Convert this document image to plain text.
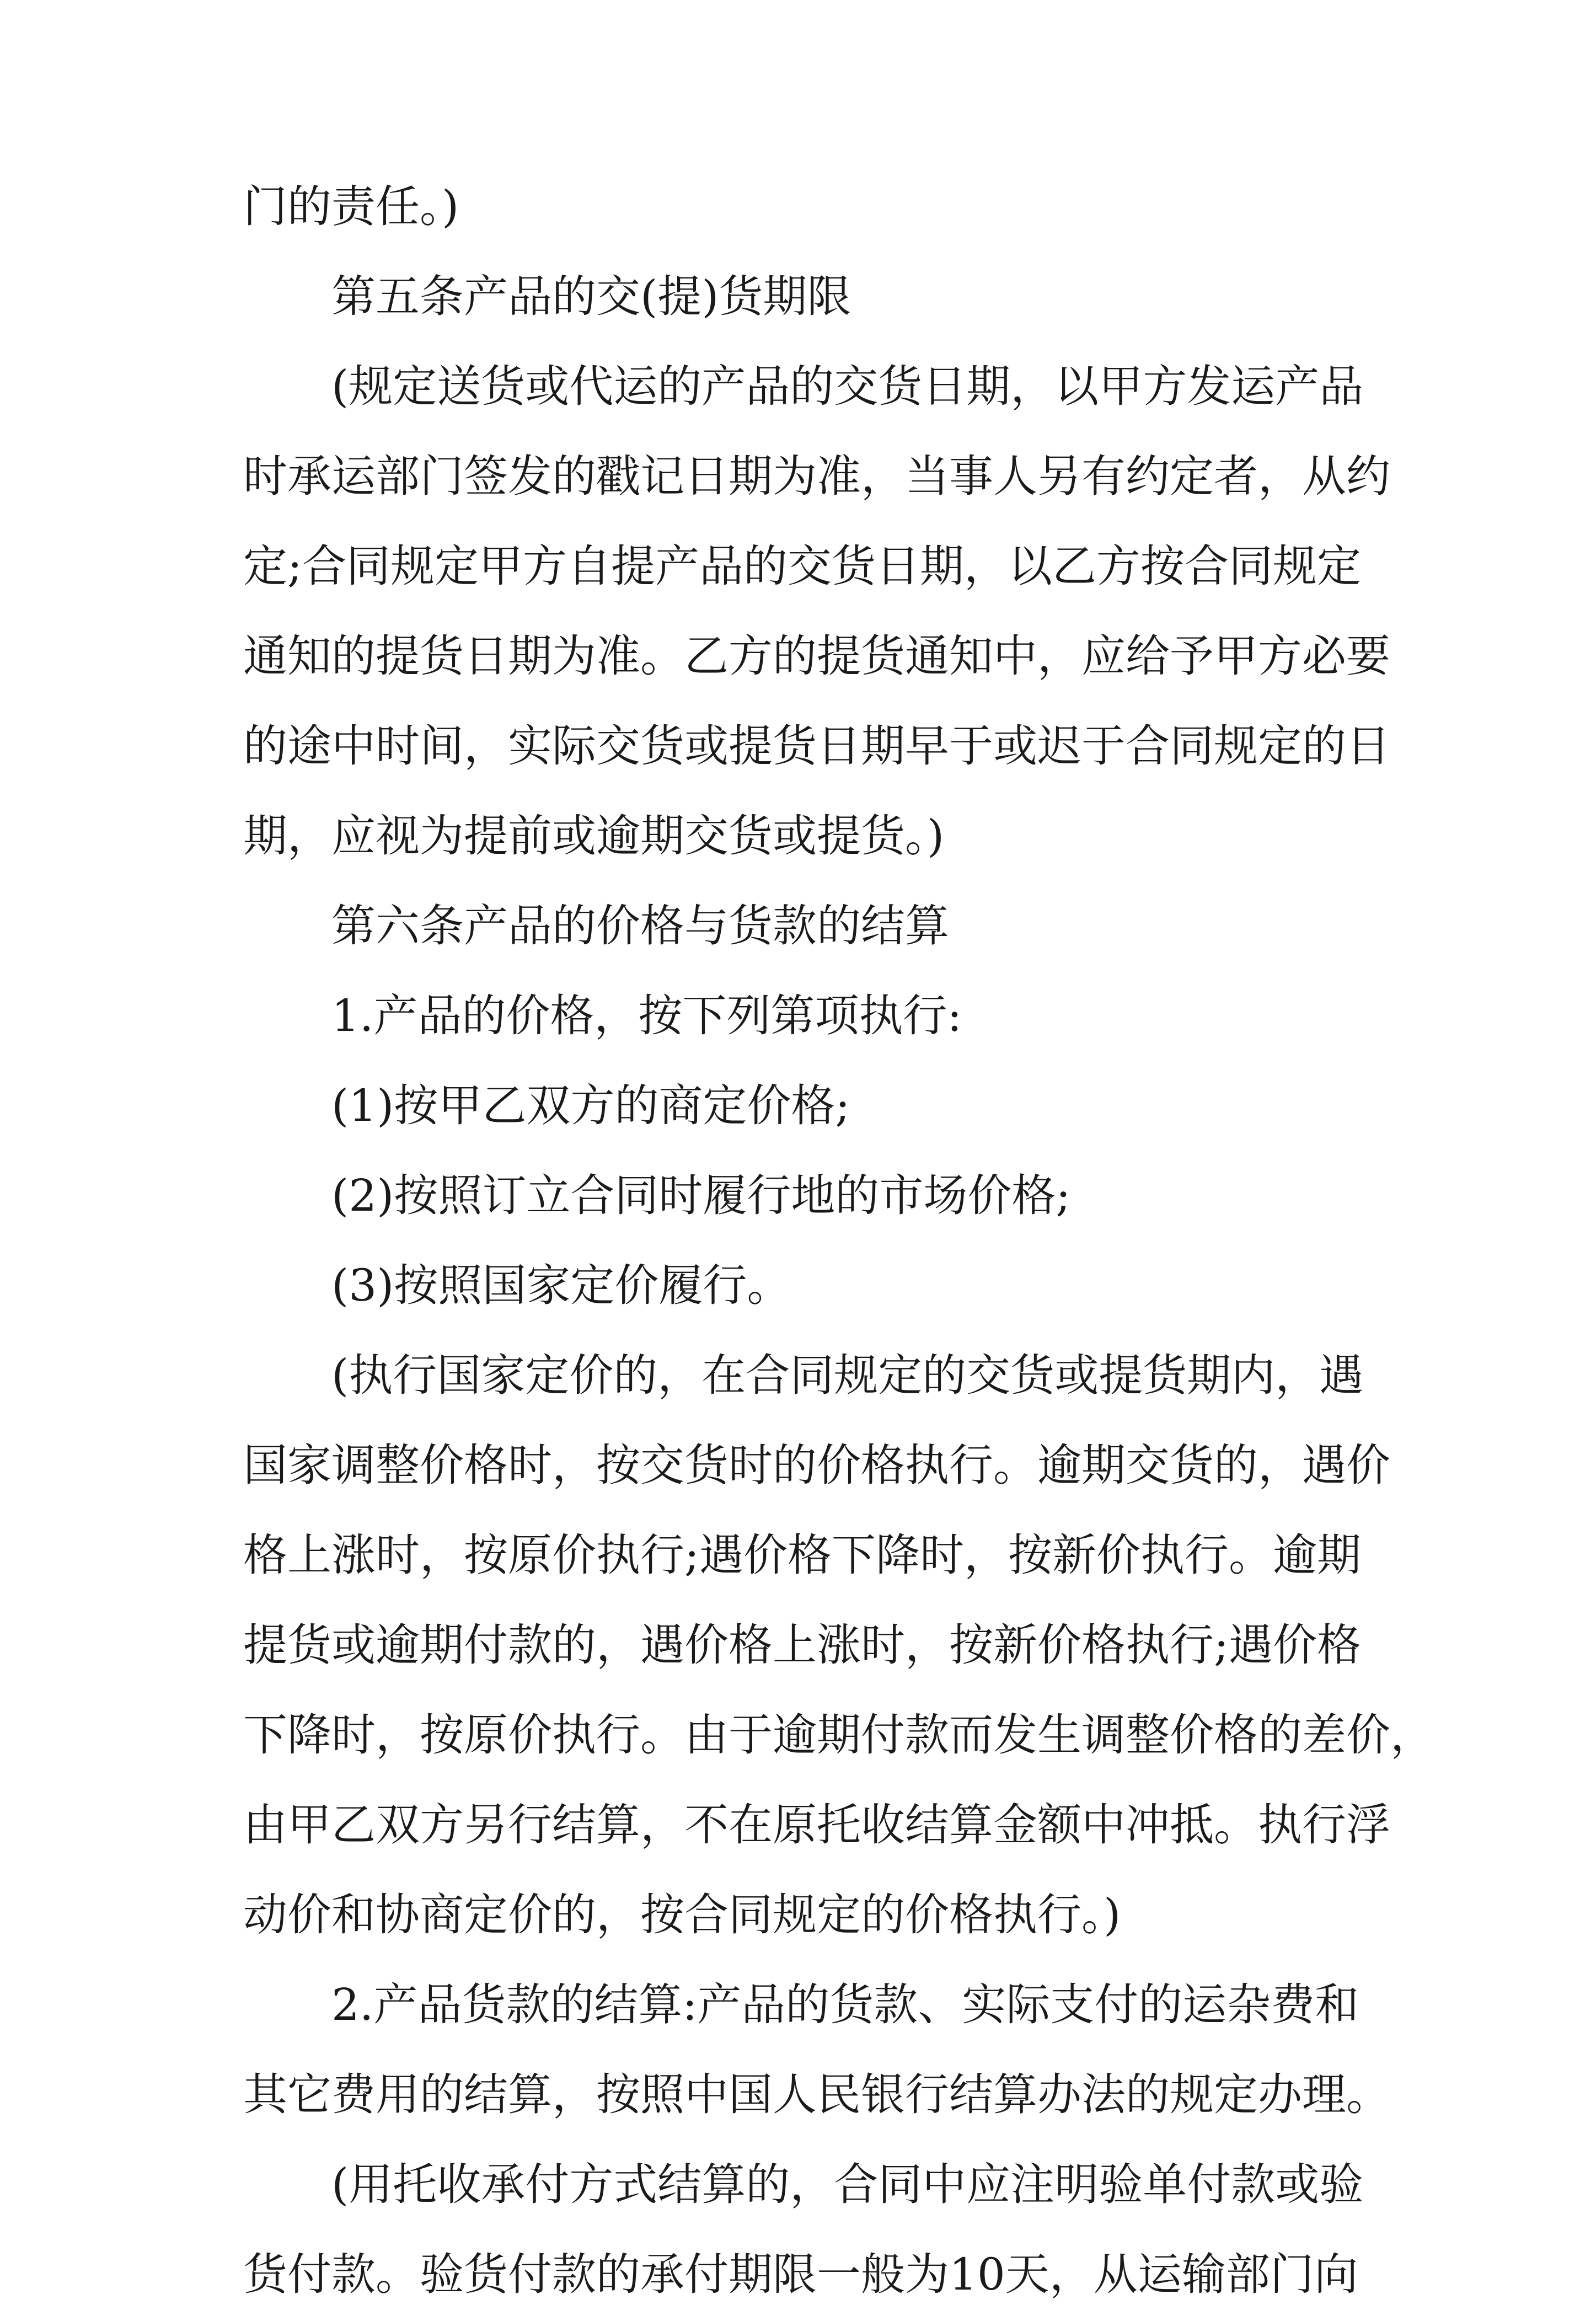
门的责任。)
第五条产品的交(提)货期限
(规定送货或代运的产品的交货日期，以甲方发运产品
时承运部门签发的戳记日期为准，当事人另有约定者，从约
定;合同规定甲方自提产品的交货日期，以乙方按合同规定
通知的提货日期为准。乙方的提货通知中，应给予甲方必要
的途中时间，实际交货或提货日期早于或迟于合同规定的日
期，应视为提前或逾期交货或提货。)
第六条产品的价格与货款的结算
1.产品的价格，按下列第项执行:
(1)按甲乙双方的商定价格;
(2)按照订立合同时履行地的市场价格;
(3)按照国家定价履行。
(执行国家定价的，在合同规定的交货或提货期内，遇
国家调整价格时，按交货时的价格执行。逾期交货的，遇价
格上涨时，按原价执行;遇价格下降时，按新价执行。逾期
提货或逾期付款的，遇价格上涨时，按新价格执行;遇价格
下降时，按原价执行。由于逾期付款而发生调整价格的差价，
由甲乙双方另行结算，不在原托收结算金额中冲抵。执行浮
动价和协商定价的，按合同规定的价格执行。)
2.产品货款的结算:产品的货款、实际支付的运杂费和
其它费用的结算，按照中国人民银行结算办法的规定办理。
(用托收承付方式结算的，合同中应注明验单付款或验
货付款。验货付款的承付期限一般为10天，从运输部门向
